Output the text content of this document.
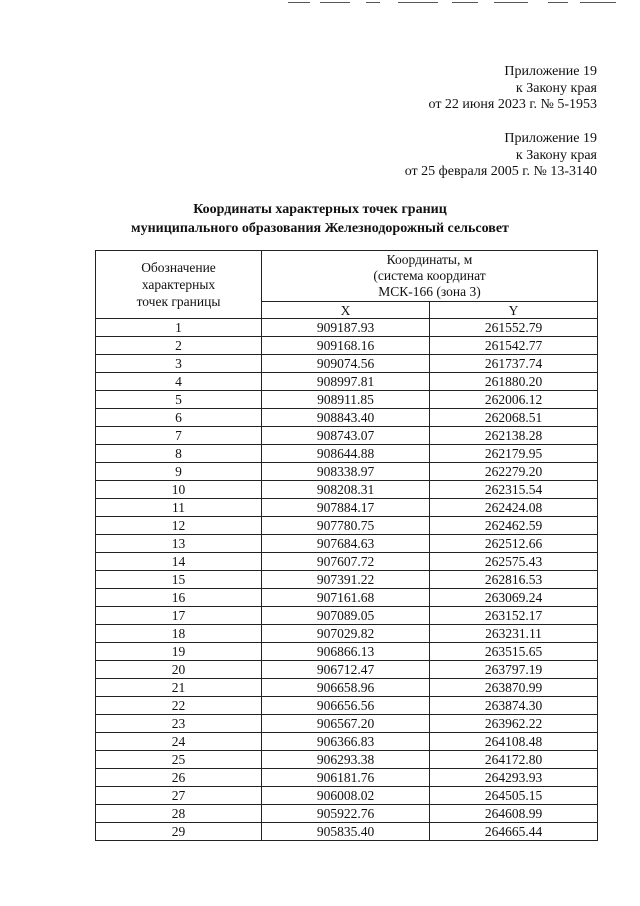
Приложение 19
к Закону края
от 22 июня 2023 г. № 5-1953
Приложение 19
к Закону края
от 25 февраля 2005 г. № 13-3140
Координаты характерных точек границ
муниципального образования Железнодорожный сельсовет
Обозначение
характерных
точек границы	Координаты, м
(система координат
МСК-166 (зона 3)	

	X	Y
1	909187.93	261552.79
2	909168.16	261542.77
3	909074.56	261737.74
4	908997.81	261880.20
5	908911.85	262006.12
6	908843.40	262068.51
7	908743.07	262138.28
8	908644.88	262179.95
9	908338.97	262279.20
10	908208.31	262315.54
11	907884.17	262424.08
12	907780.75	262462.59
13	907684.63	262512.66
14	907607.72	262575.43
15	907391.22	262816.53
16	907161.68	263069.24
17	907089.05	263152.17
18	907029.82	263231.11
19	906866.13	263515.65
20	906712.47	263797.19
21	906658.96	263870.99
22	906656.56	263874.30
23	906567.20	263962.22
24	906366.83	264108.48
25	906293.38	264172.80
26	906181.76	264293.93
27	906008.02	264505.15
28	905922.76	264608.99
29	905835.40	264665.44
